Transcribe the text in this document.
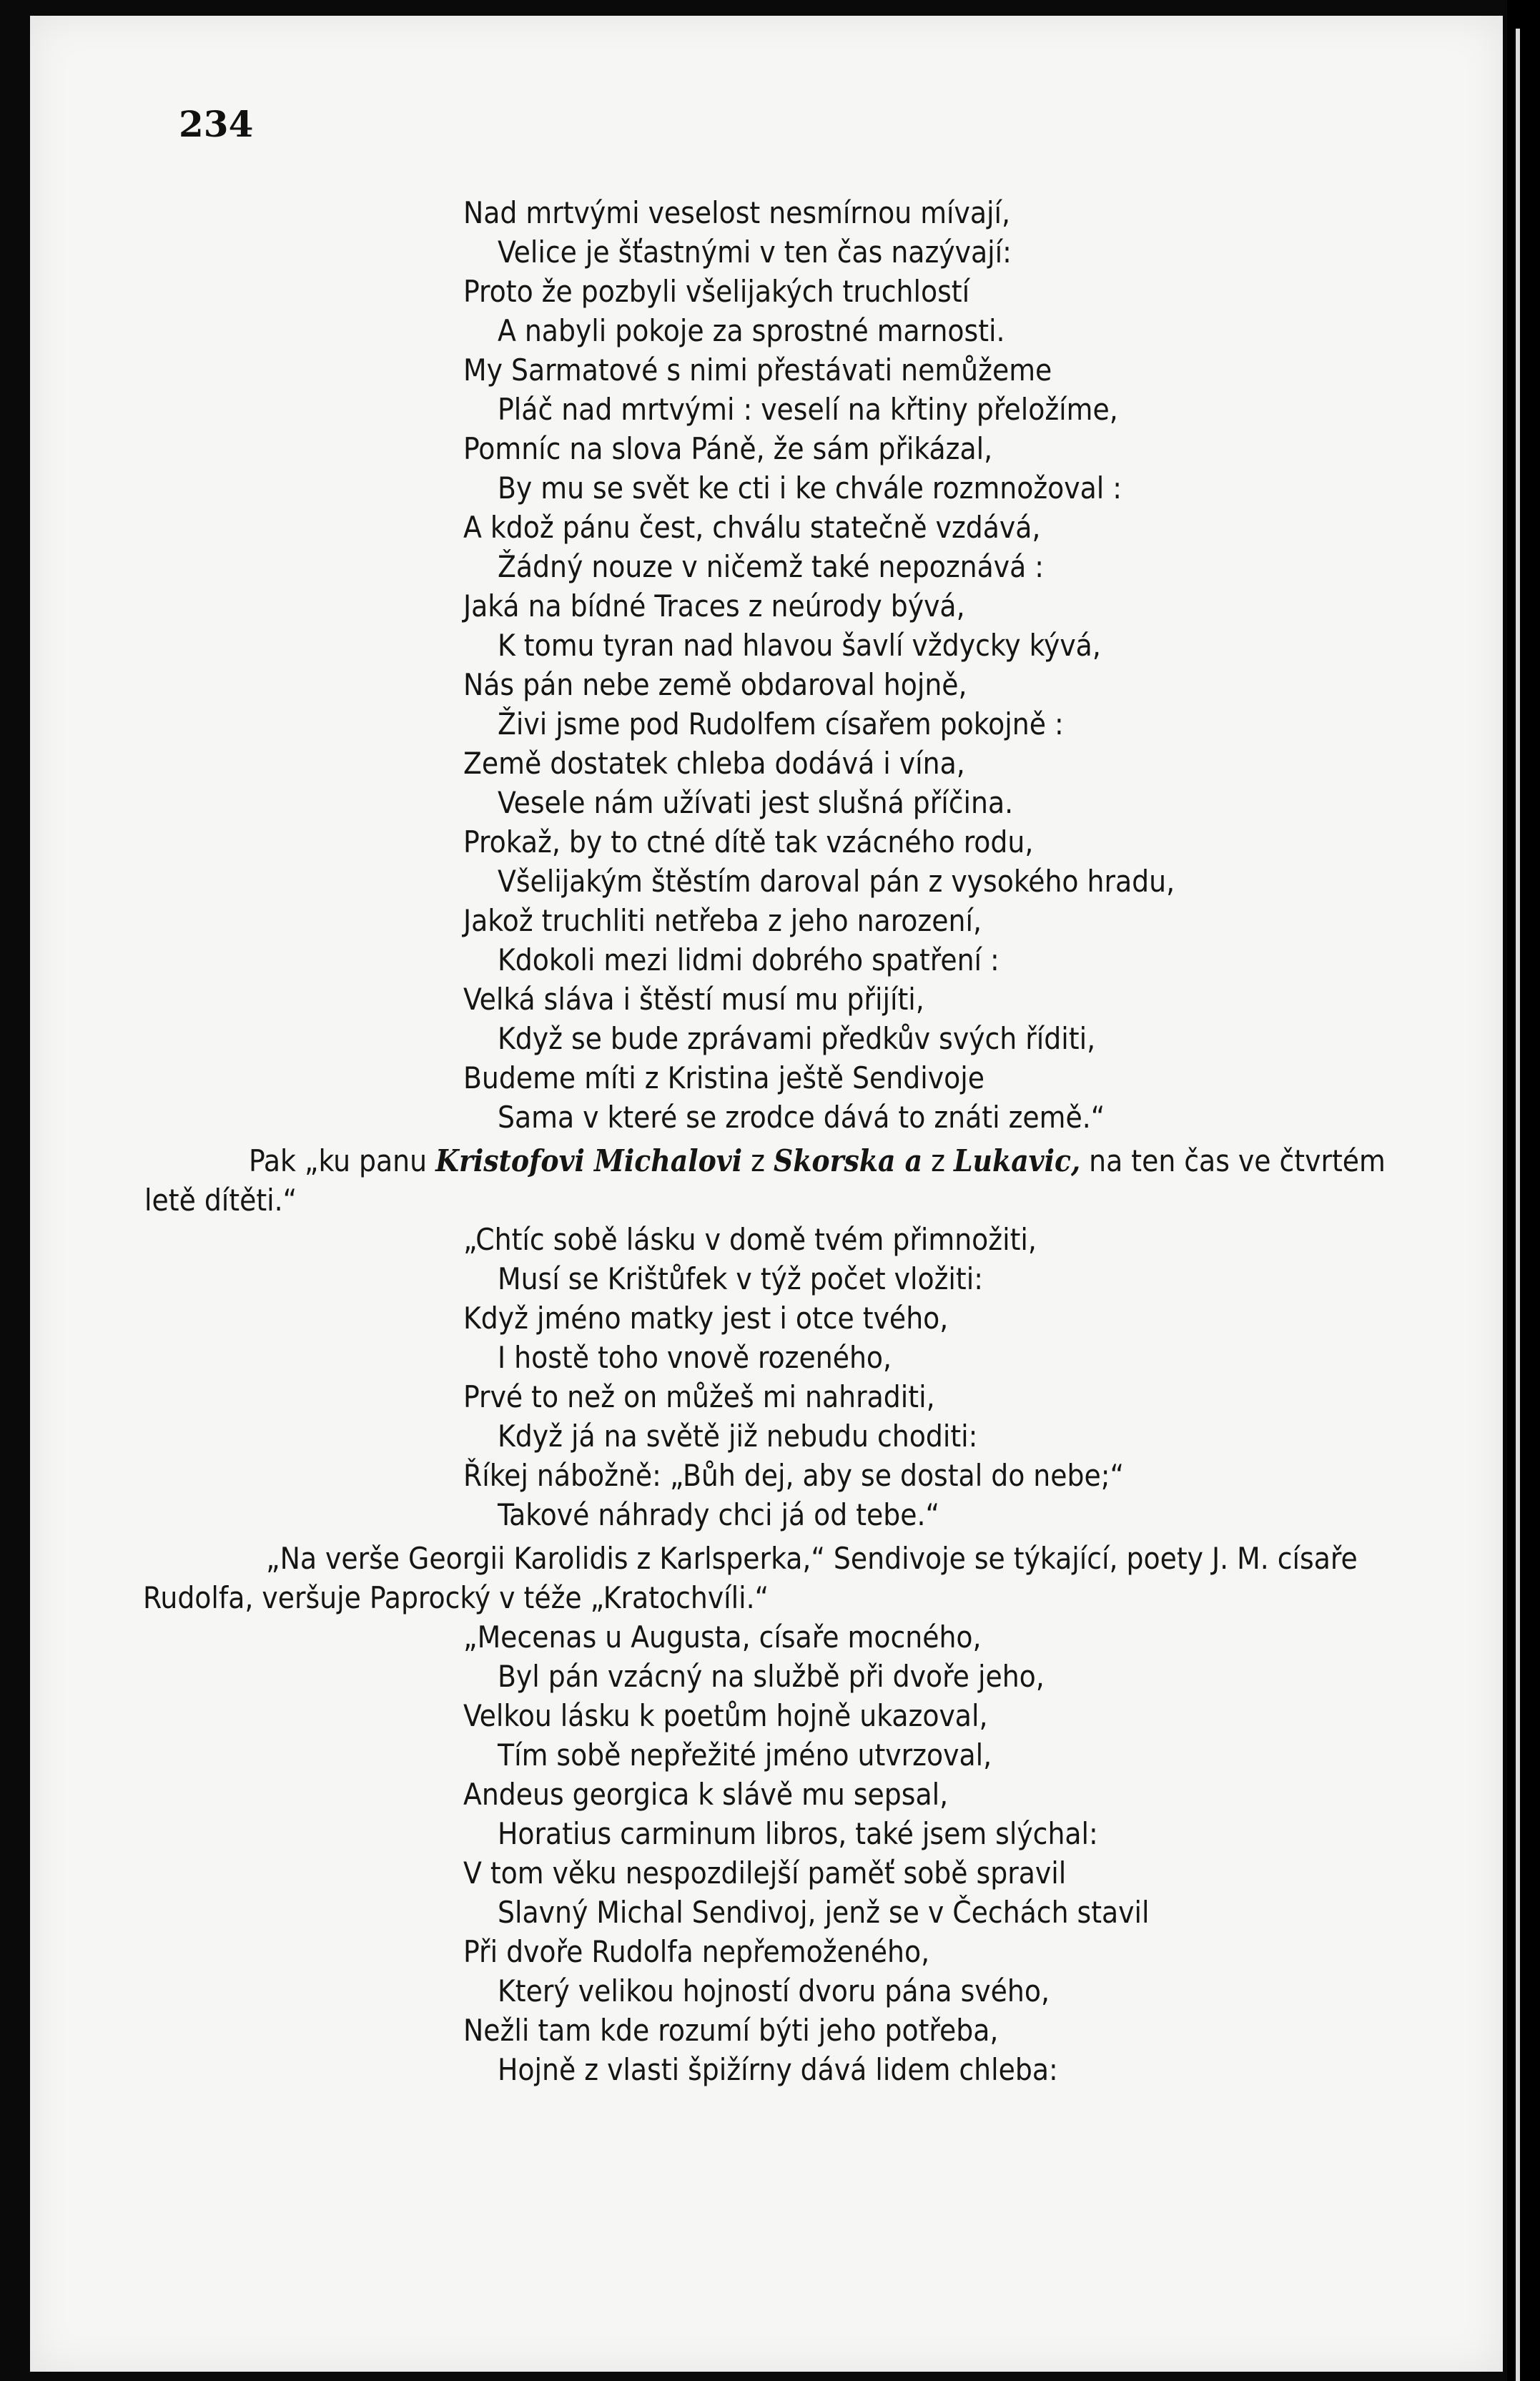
234

Nad mrtvými veselost nesmírnou mívají,
Velice je šťastnými v ten čas nazývají:
Proto že pozbyli všelijakých truchlostí
A nabyli pokoje za sprostné marnosti.
My Sarmatové s nimi přestávati nemůžeme
Pláč nad mrtvými : veselí na křtiny přeložíme,
Pomníc na slova Páně, že sám přikázal,
By mu se svět ke cti i ke chvále rozmnožoval :
A kdož pánu čest, chválu statečně vzdává,
Žádný nouze v ničemž také nepoznává :
Jaká na bídné Traces z neúrody bývá,
K tomu tyran nad hlavou šavlí vždycky kývá,
Nás pán nebe země obdaroval hojně,
Živi jsme pod Rudolfem císařem pokojně :
Země dostatek chleba dodává i vína,
Vesele nám užívati jest slušná příčina.
Prokaž, by to ctné dítě tak vzácného rodu,
Všelijakým štěstím daroval pán z vysokého hradu,
Jakož truchliti netřeba z jeho narození,
Kdokoli mezi lidmi dobrého spatření :
Velká sláva i štěstí musí mu přijíti,
Když se bude zprávami předkův svých říditi,
Budeme míti z Kristina ještě Sendivoje
Sama v které se zrodce dává to znáti země.“
Pak „ku panu Kristofovi Michalovi z Skorska a z Lukavic, na ten čas ve čtvrtém
letě dítěti.“
„Chtíc sobě lásku v domě tvém přimnožiti,
Musí se Krištůfek v týž počet vložiti:
Když jméno matky jest i otce tvého,
I hostě toho vnově rozeného,
Prvé to než on můžeš mi nahraditi,
Když já na světě již nebudu choditi:
Říkej nábožně: „Bůh dej, aby se dostal do nebe;“
Takové náhrady chci já od tebe.“
„Na verše Georgii Karolidis z Karlsperka,“ Sendivoje se týkající, poety J. M. císaře
Rudolfa, veršuje Paprocký v téže „Kratochvíli.“
„Mecenas u Augusta, císaře mocného,
Byl pán vzácný na službě při dvoře jeho,
Velkou lásku k poetům hojně ukazoval,
Tím sobě nepřežité jméno utvrzoval,
Andeus georgica k slávě mu sepsal,
Horatius carminum libros, také jsem slýchal:
V tom věku nespozdilejší paměť sobě spravil
Slavný Michal Sendivoj, jenž se v Čechách stavil
Při dvoře Rudolfa nepřemoženého,
Který velikou hojností dvoru pána svého,
Nežli tam kde rozumí býti jeho potřeba,
Hojně z vlasti špižírny dává lidem chleba:
